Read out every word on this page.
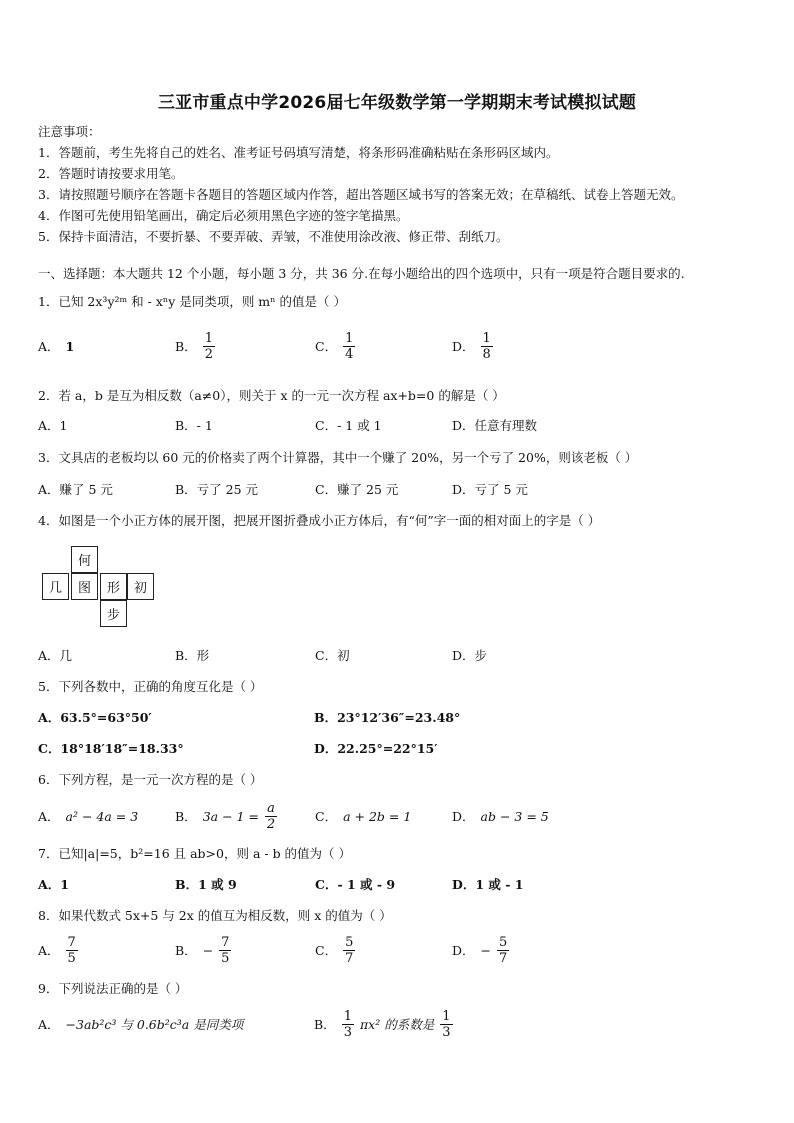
三亚市重点中学2026届七年级数学第一学期期末考试模拟试题
注意事项：
1．答题前，考生先将自己的姓名、准考证号码填写清楚，将条形码准确粘贴在条形码区域内。
2．答题时请按要求用笔。
3．请按照题号顺序在答题卡各题目的答题区域内作答，超出答题区域书写的答案无效；在草稿纸、试卷上答题无效。
4．作图可先使用铅笔画出，确定后必须用黑色字迹的签字笔描黑。
5．保持卡面清洁，不要折暴、不要弄破、弄皱，不准使用涂改液、修正带、刮纸刀。
一、选择题：本大题共 12 个小题，每小题 3 分，共 36 分.在每小题给出的四个选项中，只有一项是符合题目要求的.
1．已知 2x³y²ᵐ 和 - xⁿy 是同类项，则 mⁿ 的值是（ ）
A． 1	B． $\frac{1}{2}$	C． $\frac{1}{4}$	D． $\frac{1}{8}$
2．若 a，b 是互为相反数（a≠0），则关于 x 的一元一次方程 ax+b=0 的解是（ ）
A．1	B．- 1	C．- 1 或 1	D．任意有理数
3．文具店的老板均以 60 元的价格卖了两个计算器，其中一个赚了 20%，另一个亏了 20%，则该老板（ ）
A．赚了 5 元	B．亏了 25 元	C．赚了 25 元	D．亏了 5 元
4．如图是一个小正方体的展开图，把展开图折叠成小正方体后，有“何”字一面的相对面上的字是（ ）
何
几	图	形	初
步
A．几	B．形	C．初	D．步
5．下列各数中，正确的角度互化是（ ）
A．63.5°=63°50′	B．23°12′36″=23.48°
C．18°18′18″=18.33°	D．22.25°=22°15′
6．下列方程，是一元一次方程的是（ ）
A． a² − 4a = 3	B． $3a - 1 = \frac{a}{2}$	C． a + 2b = 1	D． ab − 3 = 5
7．已知|a|=5，b²=16 且 ab>0，则 a - b 的值为（ ）
A．1	B．1 或 9	C．- 1 或 - 9	D．1 或 - 1
8．如果代数式 5x+5 与 2x 的值互为相反数，则 x 的值为（ ）
A． $\frac{7}{5}$	B． − $\frac{7}{5}$	C． $\frac{5}{7}$	D． − $\frac{5}{7}$
9．下列说法正确的是（ ）
A． −3ab²c³ 与 0.6b²c³a 是同类项	B． $\frac{1}{3} \pi x^2$ 的系数是 $\frac{1}{3}$
